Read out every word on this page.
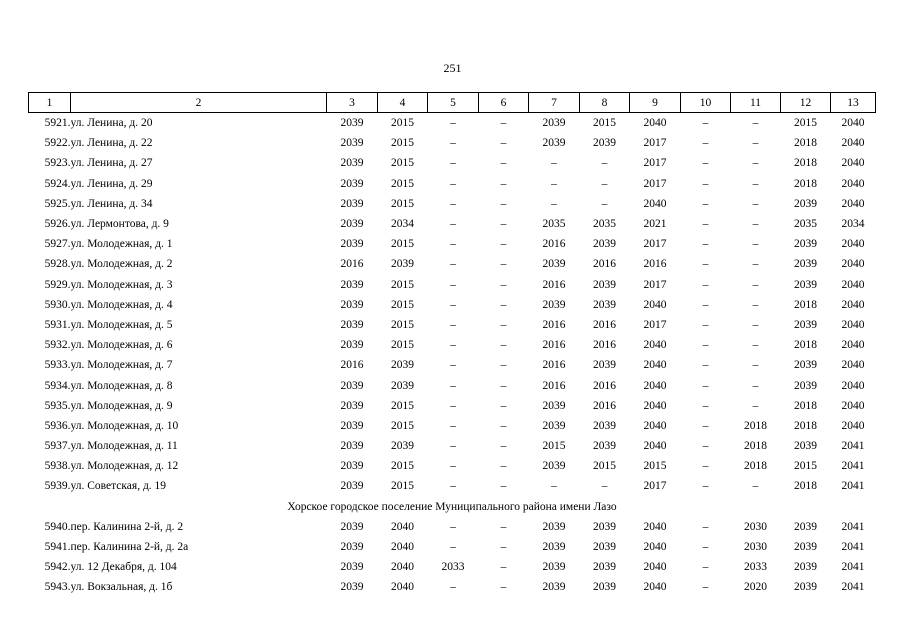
251
1	2	3	4	5	6	7	8	9	10	11	12	13
5921.	ул. Ленина, д. 20	2039	2015	–	–	2039	2015	2040	–	–	2015	2040
5922.	ул. Ленина, д. 22	2039	2015	–	–	2039	2039	2017	–	–	2018	2040
5923.	ул. Ленина, д. 27	2039	2015	–	–	–	–	2017	–	–	2018	2040
5924.	ул. Ленина, д. 29	2039	2015	–	–	–	–	2017	–	–	2018	2040
5925.	ул. Ленина, д. 34	2039	2015	–	–	–	–	2040	–	–	2039	2040
5926.	ул. Лермонтова, д. 9	2039	2034	–	–	2035	2035	2021	–	–	2035	2034
5927.	ул. Молодежная, д. 1	2039	2015	–	–	2016	2039	2017	–	–	2039	2040
5928.	ул. Молодежная, д. 2	2016	2039	–	–	2039	2016	2016	–	–	2039	2040
5929.	ул. Молодежная, д. 3	2039	2015	–	–	2016	2039	2017	–	–	2039	2040
5930.	ул. Молодежная, д. 4	2039	2015	–	–	2039	2039	2040	–	–	2018	2040
5931.	ул. Молодежная, д. 5	2039	2015	–	–	2016	2016	2017	–	–	2039	2040
5932.	ул. Молодежная, д. 6	2039	2015	–	–	2016	2016	2040	–	–	2018	2040
5933.	ул. Молодежная, д. 7	2016	2039	–	–	2016	2039	2040	–	–	2039	2040
5934.	ул. Молодежная, д. 8	2039	2039	–	–	2016	2016	2040	–	–	2039	2040
5935.	ул. Молодежная, д. 9	2039	2015	–	–	2039	2016	2040	–	–	2018	2040
5936.	ул. Молодежная, д. 10	2039	2015	–	–	2039	2039	2040	–	2018	2018	2040
5937.	ул. Молодежная, д. 11	2039	2039	–	–	2015	2039	2040	–	2018	2039	2041
5938.	ул. Молодежная, д. 12	2039	2015	–	–	2039	2015	2015	–	2018	2015	2041
5939.	ул. Советская, д. 19	2039	2015	–	–	–	–	2017	–	–	2018	2041
Хорское городское поселение Муниципального района имени Лазо												
5940.	пер. Калинина 2-й, д. 2	2039	2040	–	–	2039	2039	2040	–	2030	2039	2041
5941.	пер. Калинина 2-й, д. 2а	2039	2040	–	–	2039	2039	2040	–	2030	2039	2041
5942.	ул. 12 Декабря, д. 104	2039	2040	2033	–	2039	2039	2040	–	2033	2039	2041
5943.	ул. Вокзальная, д. 1б	2039	2040	–	–	2039	2039	2040	–	2020	2039	2041
